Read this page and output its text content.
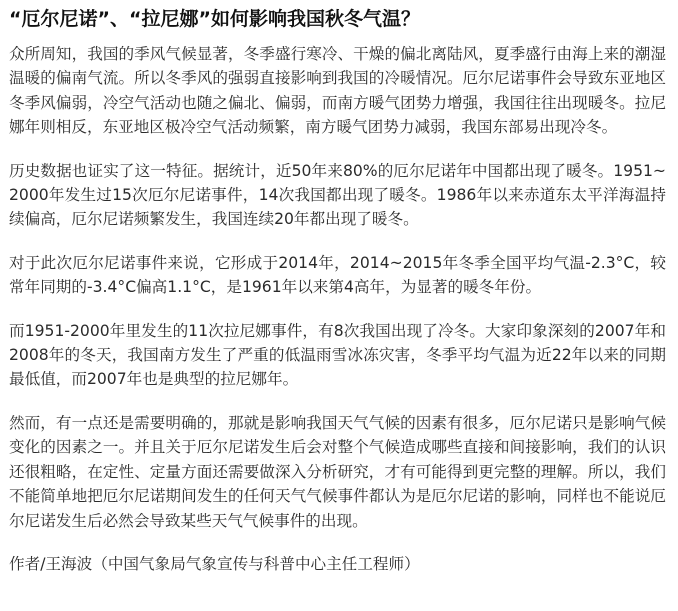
“厄尔尼诺”、“拉尼娜”如何影响我国秋冬气温？

众所周知，我国的季风气候显著，冬季盛行寒冷、干燥的偏北离陆风，夏季盛行由海上来的潮湿温暖的偏南气流。所以冬季风的强弱直接影响到我国的冷暖情况。厄尔尼诺事件会导致东亚地区冬季风偏弱，冷空气活动也随之偏北、偏弱，而南方暖气团势力增强，我国往往出现暖冬。拉尼娜年则相反，东亚地区极冷空气活动频繁，南方暖气团势力减弱，我国东部易出现冷冬。

历史数据也证实了这一特征。据统计，近50年来80%的厄尔尼诺年中国都出现了暖冬。1951~2000年发生过15次厄尔尼诺事件，14次我国都出现了暖冬。1986年以来赤道东太平洋海温持续偏高，厄尔尼诺频繁发生，我国连续20年都出现了暖冬。

对于此次厄尔尼诺事件来说，它形成于2014年，2014~2015年冬季全国平均气温-2.3°C，较常年同期的-3.4°C偏高1.1°C，是1961年以来第4高年，为显著的暖冬年份。

而1951-2000年里发生的11次拉尼娜事件，有8次我国出现了冷冬。大家印象深刻的2007年和2008年的冬天，我国南方发生了严重的低温雨雪冰冻灾害，冬季平均气温为近22年以来的同期最低值，而2007年也是典型的拉尼娜年。

然而，有一点还是需要明确的，那就是影响我国天气气候的因素有很多，厄尔尼诺只是影响气候变化的因素之一。并且关于厄尔尼诺发生后会对整个气候造成哪些直接和间接影响，我们的认识还很粗略，在定性、定量方面还需要做深入分析研究，才有可能得到更完整的理解。所以，我们不能简单地把厄尔尼诺期间发生的任何天气气候事件都认为是厄尔尼诺的影响，同样也不能说厄尔尼诺发生后必然会导致某些天气气候事件的出现。

作者/王海波（中国气象局气象宣传与科普中心主任工程师）
